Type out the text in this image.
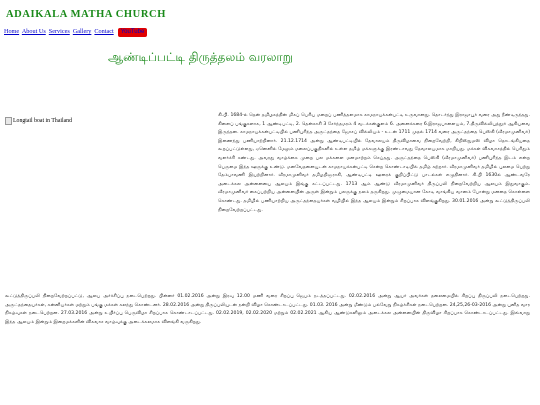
ADAIKALA MATHA CHURCH
Home About Us Services Gallery Contact YouTube
ஆண்டிப்பட்டி திருத்தலம் வரலாறு
Longtail boat in Thailand

கி.பி. 1684-ல் தென் தமிழகத்தின் மிகப் பெரிய மறைப் பணித்தளமாக காமநாயக்கன்பட்டி உருவானது. தொடர்ந்து இராஜாபூர் வரை அது நீண்டிருந்தது. கிளைப் பங்குகளாக, 1 ஆண்டிபட்டி, 2. தென்காசி 3 சேர்ந்தமரம் 4 வடக்கன்குளம் 6. அனைக்கரை 6.இராஜபாளையம், 7.திருவில்லிபுத்தூர் ஆகியவை இருந்தன. காமநாயக்கன்பட்டியில் பணிபுரிந்த அருட்தந்தை ஜோசப் வில்லியம் - உடன் 1711 முதல் 1714 வரை அருட்தந்தை பெஸ்கி (வீரமாமுனிவர்) இணைந்து பணியாற்றினார். 21.12.1714 அன்று ஆண்டிபட்டியில் தேவாலயம் திருவிழாவை நிறைவேற்றி, கிறிஸ்துமஸ் விழா தொடங்கியதை கூறப்பட்டுள்ளது, ஏனெனில் மேலும் மலைப்பகுதிகளில் உள்ள தமிழ் மக்களுக்கு இரண்டாவது தேவாலயமாக மாறியது. மக்கள் விசுவாசத்தில் பெரிதும் வளர்ச்சி கண்டது. அவரது வாழ்க்கை முறை பல மக்களை மனமாற்றம் செய்தது. அருட்தந்தை பெஸ்கி (வீரமாமுனிவர்) பணிபுரிந்த இடம் என்ற பெருமை இந்த ஊருக்கு உண்டு. மனவேதனையுடன் காமநாயக்கன்பட்டி சென்ற கொண்டாடியில் தமிழ் கற்றார். வீரமாமுனிவர் தமிழில் புலமை பெற்று தேம்பாவணி இயற்றினார். வீரமாமுனிவர் தமிழறிஞராகி, ஆண்டிபட்டி ஊரைக் குறிப்பிட்டு பாடல்கள் எழுதினார். கி.பி 1630ல் ஆண்டவரே அடைக்கல அன்னையை ஆலயம் இங்கு கட்டப்பட்டது. 1713 ஆம் ஆண்டு வீரமாமுனிவர் திருப்பலி நிறைவேற்றிய ஆலயம் இதுவாகும். வீரமாமுனிவர் கைப்பற்றிய அன்னையின் அருள் இன்றும் பலருக்கு நலம் தருகிறது. முழுமையான கோடி வாங்கிய வானம் போன்று மனதை கொள்ளை கொண்டது. தமிழில் பணியாற்றிய அருட்தந்தையர்கள் வழியில் இந்த ஆலயம் இன்றும் சிறப்பாக விளங்குகிறது. 30.01.2016 அன்று கூட்டுத்திருப்பலி நிறைவேற்றப்பட்டது.

கூட்டுத்திருப்பலி நிறைவேற்றப்பட்டு, ஆலய அர்ச்சிப்பு நடைபெற்றது. பின்னர் 01.02.2016 அன்று இரவு 12.00 மணி வரை சிறப்பு ஜெபம் நடத்தப்பட்டது. 02.02.2016 அன்று ஆயர் அவர்கள் தலைமையில் சிறப்பு திருப்பலி நடைபெற்றது. அருட்தந்தையர்கள், கன்னியர்கள் மற்றும் பங்கு மக்கள் கலந்து கொண்டனர். 28.02.2016 அன்று திருப்பலியுடன் நன்றி விழா கொண்டாடப்பட்டது. 01.03. 2016 அன்று மீண்டும் பல்வேறு நிகழ்ச்சிகள் நடைபெற்றன. 24,25,26-03-2016 அன்று புனித வார நிகழ்வுகள் நடைபெற்றன. 27.03.2016 அன்று உயிர்ப்பு பெருவிழா சிறப்பாக கொண்டாடப்பட்டது. 02.02.2019, 02.02.2020 மற்றும் 02.02.2021 ஆகிய ஆண்டுகளிலும் அடைக்கல அன்னையின் திருவிழா சிறப்பாக கொண்டாடப்பட்டது. இவ்வாறு இந்த ஆலயம் இன்றும் இறைமக்களின் விசுவாச வாழ்வுக்கு அடைக்கலமாக விளங்கி வருகிறது.
